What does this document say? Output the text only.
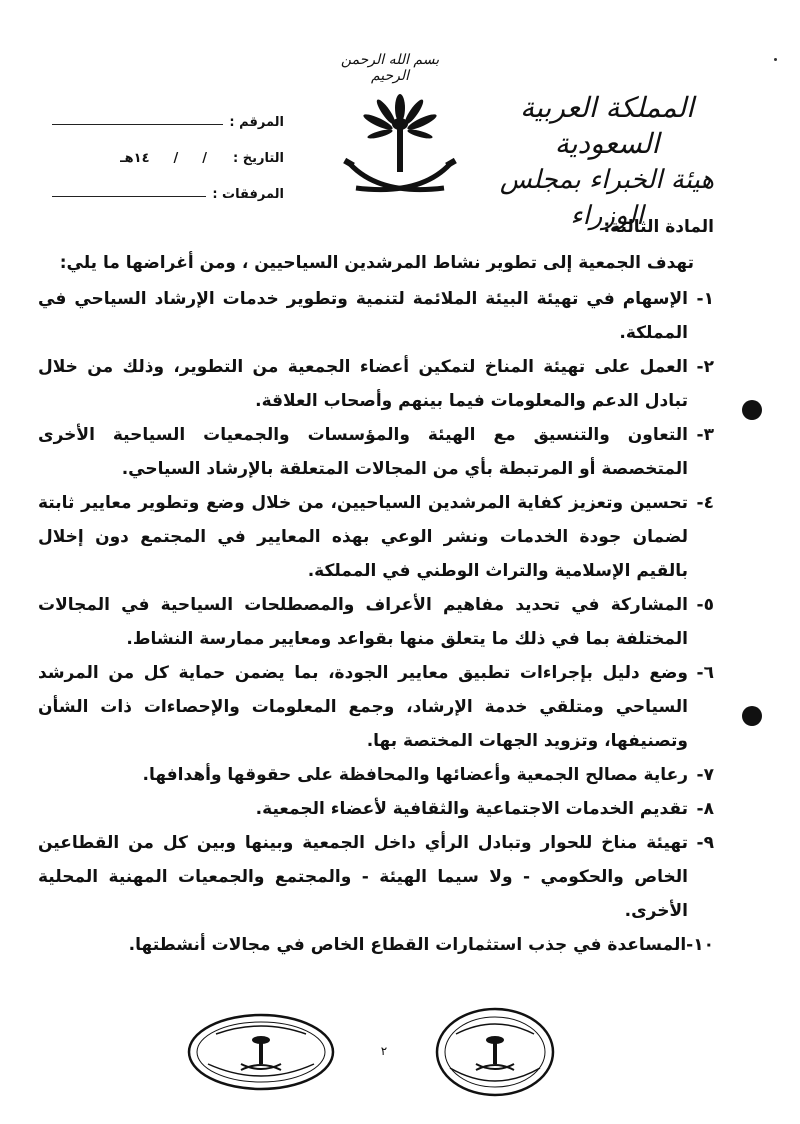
بسم الله الرحمن الرحيم
المملكة العربية السعودية
هيئة الخبراء بمجلس الوزراء
المرقم :
التاريخ :
/
/
١٤هـ
المرفقات :
المادة الثالثة:
تهدف الجمعية إلى تطوير نشاط المرشدين السياحيين ، ومن أغراضها ما يلي:
١-
الإسهام في تهيئة البيئة الملائمة لتنمية وتطوير خدمات الإرشاد السياحي في المملكة.
٢-
العمل على تهيئة المناخ لتمكين أعضاء الجمعية من التطوير، وذلك من خلال تبادل الدعم والمعلومات فيما بينهم وأصحاب العلاقة.
٣-
التعاون والتنسيق مع الهيئة والمؤسسات والجمعيات السياحية الأخرى المتخصصة أو المرتبطة بأي من المجالات المتعلقة بالإرشاد السياحي.
٤-
تحسين وتعزيز كفاية المرشدين السياحيين، من خلال وضع وتطوير معايير ثابتة لضمان جودة الخدمات ونشر الوعي بهذه المعايير في المجتمع دون إخلال بالقيم الإسلامية والتراث الوطني في المملكة.
٥-
المشاركة في تحديد مفاهيم الأعراف والمصطلحات السياحية في المجالات المختلفة بما في ذلك ما يتعلق منها بقواعد ومعايير ممارسة النشاط.
٦-
وضع دليل بإجراءات تطبيق معايير الجودة، بما يضمن حماية كل من المرشد السياحي ومتلقي خدمة الإرشاد، وجمع المعلومات والإحصاءات ذات الشأن وتصنيفها، وتزويد الجهات المختصة بها.
٧-
رعاية مصالح الجمعية وأعضائها والمحافظة على حقوقها وأهدافها.
٨-
تقديم الخدمات الاجتماعية والثقافية لأعضاء الجمعية.
٩-
تهيئة مناخ للحوار وتبادل الرأي داخل الجمعية وبينها وبين كل من القطاعين الخاص والحكومي - ولا سيما الهيئة - والمجتمع والجمعيات المهنية المحلية الأخرى.
١٠-
المساعدة في جذب استثمارات القطاع الخاص في مجالات أنشطتها.
٢
